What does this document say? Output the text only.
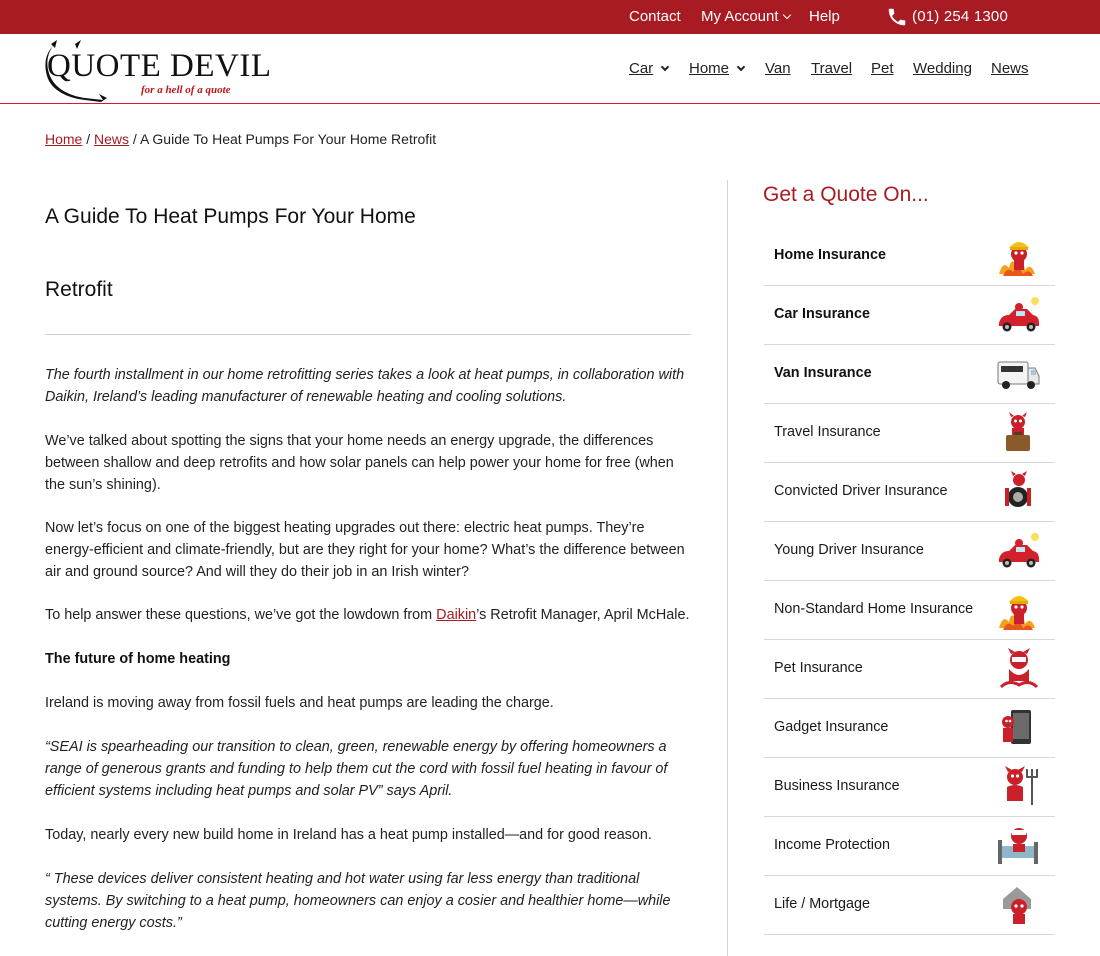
Contact My Account	Help	(01) 254 1300
QUOTE DEVIL
for a hell of a quote
Car	Home	Van Travel Pet Wedding News
Home / News / A Guide To Heat Pumps For Your Home Retrofit
A Guide To Heat Pumps For Your Home
Retrofit

The fourth installment in our home retrofitting series takes a look at heat pumps, in collaboration with Daikin, Ireland’s leading manufacturer of renewable heating and cooling solutions.

We’ve talked about spotting the signs that your home needs an energy upgrade, the differences between shallow and deep retrofits and how solar panels can help power your home for free (when the sun’s shining).

Now let’s focus on one of the biggest heating upgrades out there: electric heat pumps. They’re energy-efficient and climate-friendly, but are they right for your home? What’s the difference between air and ground source? And will they do their job in an Irish winter?

To help answer these questions, we’ve got the lowdown from Daikin’s Retrofit Manager, April McHale.

The future of home heating

Ireland is moving away from fossil fuels and heat pumps are leading the charge.

“SEAI is spearheading our transition to clean, green, renewable energy by offering homeowners a range of generous grants and funding to help them cut the cord with fossil fuel heating in favour of efficient systems including heat pumps and solar PV” says April.

Today, nearly every new build home in Ireland has a heat pump installed—and for good reason.

“ These devices deliver consistent heating and hot water using far less energy than traditional systems. By switching to a heat pump, homeowners can enjoy a cosier and healthier home—while cutting energy costs.”

Get a Quote On...
Home Insurance
Car Insurance
Van Insurance
Travel Insurance
Convicted Driver Insurance
Young Driver Insurance
Non-Standard Home Insurance
Pet Insurance
Gadget Insurance
Business Insurance
Income Protection
Life / Mortgage
